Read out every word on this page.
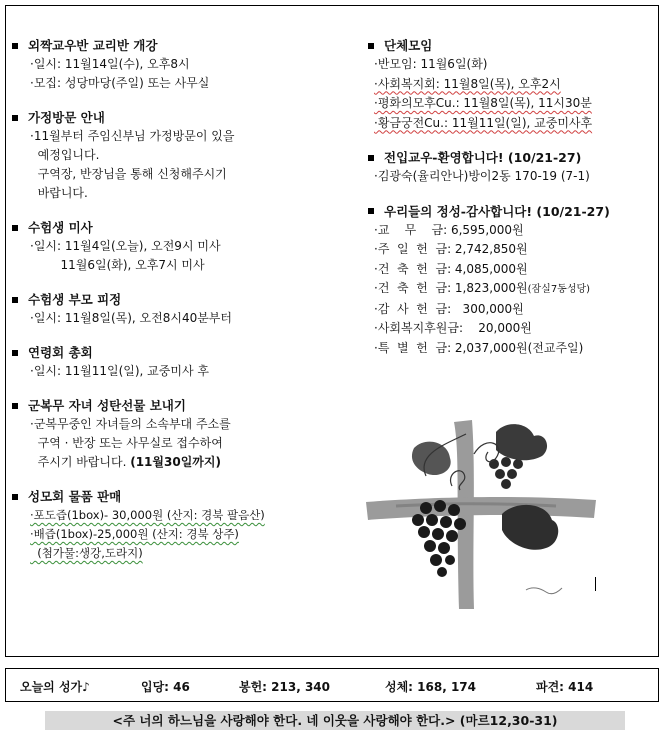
외짝교우반 교리반 개강
·일시: 11월14일(수), 오후8시
·모집: 성당마당(주일) 또는 사무실
가정방문 안내
·11월부터 주임신부님 가정방문이 있을
예정입니다.
구역장, 반장님을 통해 신청해주시기
바랍니다.
수험생 미사
·일시: 11월4일(오늘), 오전9시 미사
11월6일(화), 오후7시 미사
수험생 부모 피정
·일시: 11월8일(목), 오전8시40분부터
연령회 총회
·일시: 11월11일(일), 교중미사 후
군복무 자녀 성탄선물 보내기
·군복무중인 자녀들의 소속부대 주소를
구역 · 반장 또는 사무실로 접수하여
주시기 바랍니다. (11월30일까지)
성모회 물품 판매
·포도즙(1box)- 30,000원 (산지: 경북 팔음산)
·배즙(1box)-25,000원 (산지: 경북 상주)
(첨가물:생강,도라지)
단체모임
·반모임: 11월6일(화)
·사회복지회: 11월8일(목), 오후2시
·평화의모후Cu.: 11월8일(목), 11시30분
·황금궁전Cu.: 11월11일(일), 교중미사후
전입교우-환영합니다! (10/21-27)
·김광숙(율리안나)방이2동 170-19 (7-1)
우리들의 정성-감사합니다! (10/21-27)
·교    무    금: 6,595,000원
·주  일  헌  금: 2,742,850원
·건  축  헌  금: 4,085,000원
·건  축  헌  금: 1,823,000원(잠실7동성당)
·감  사  헌  금:   300,000원
·사회복지후원금:    20,000원
·특  별  헌  금: 2,037,000원(전교주일)
오늘의 성가♪	입당: 46	봉헌: 213, 340	성체: 168, 174	파견: 414
<주 너의 하느님을 사랑해야 한다. 네 이웃을 사랑해야 한다.> (마르12,30-31)
